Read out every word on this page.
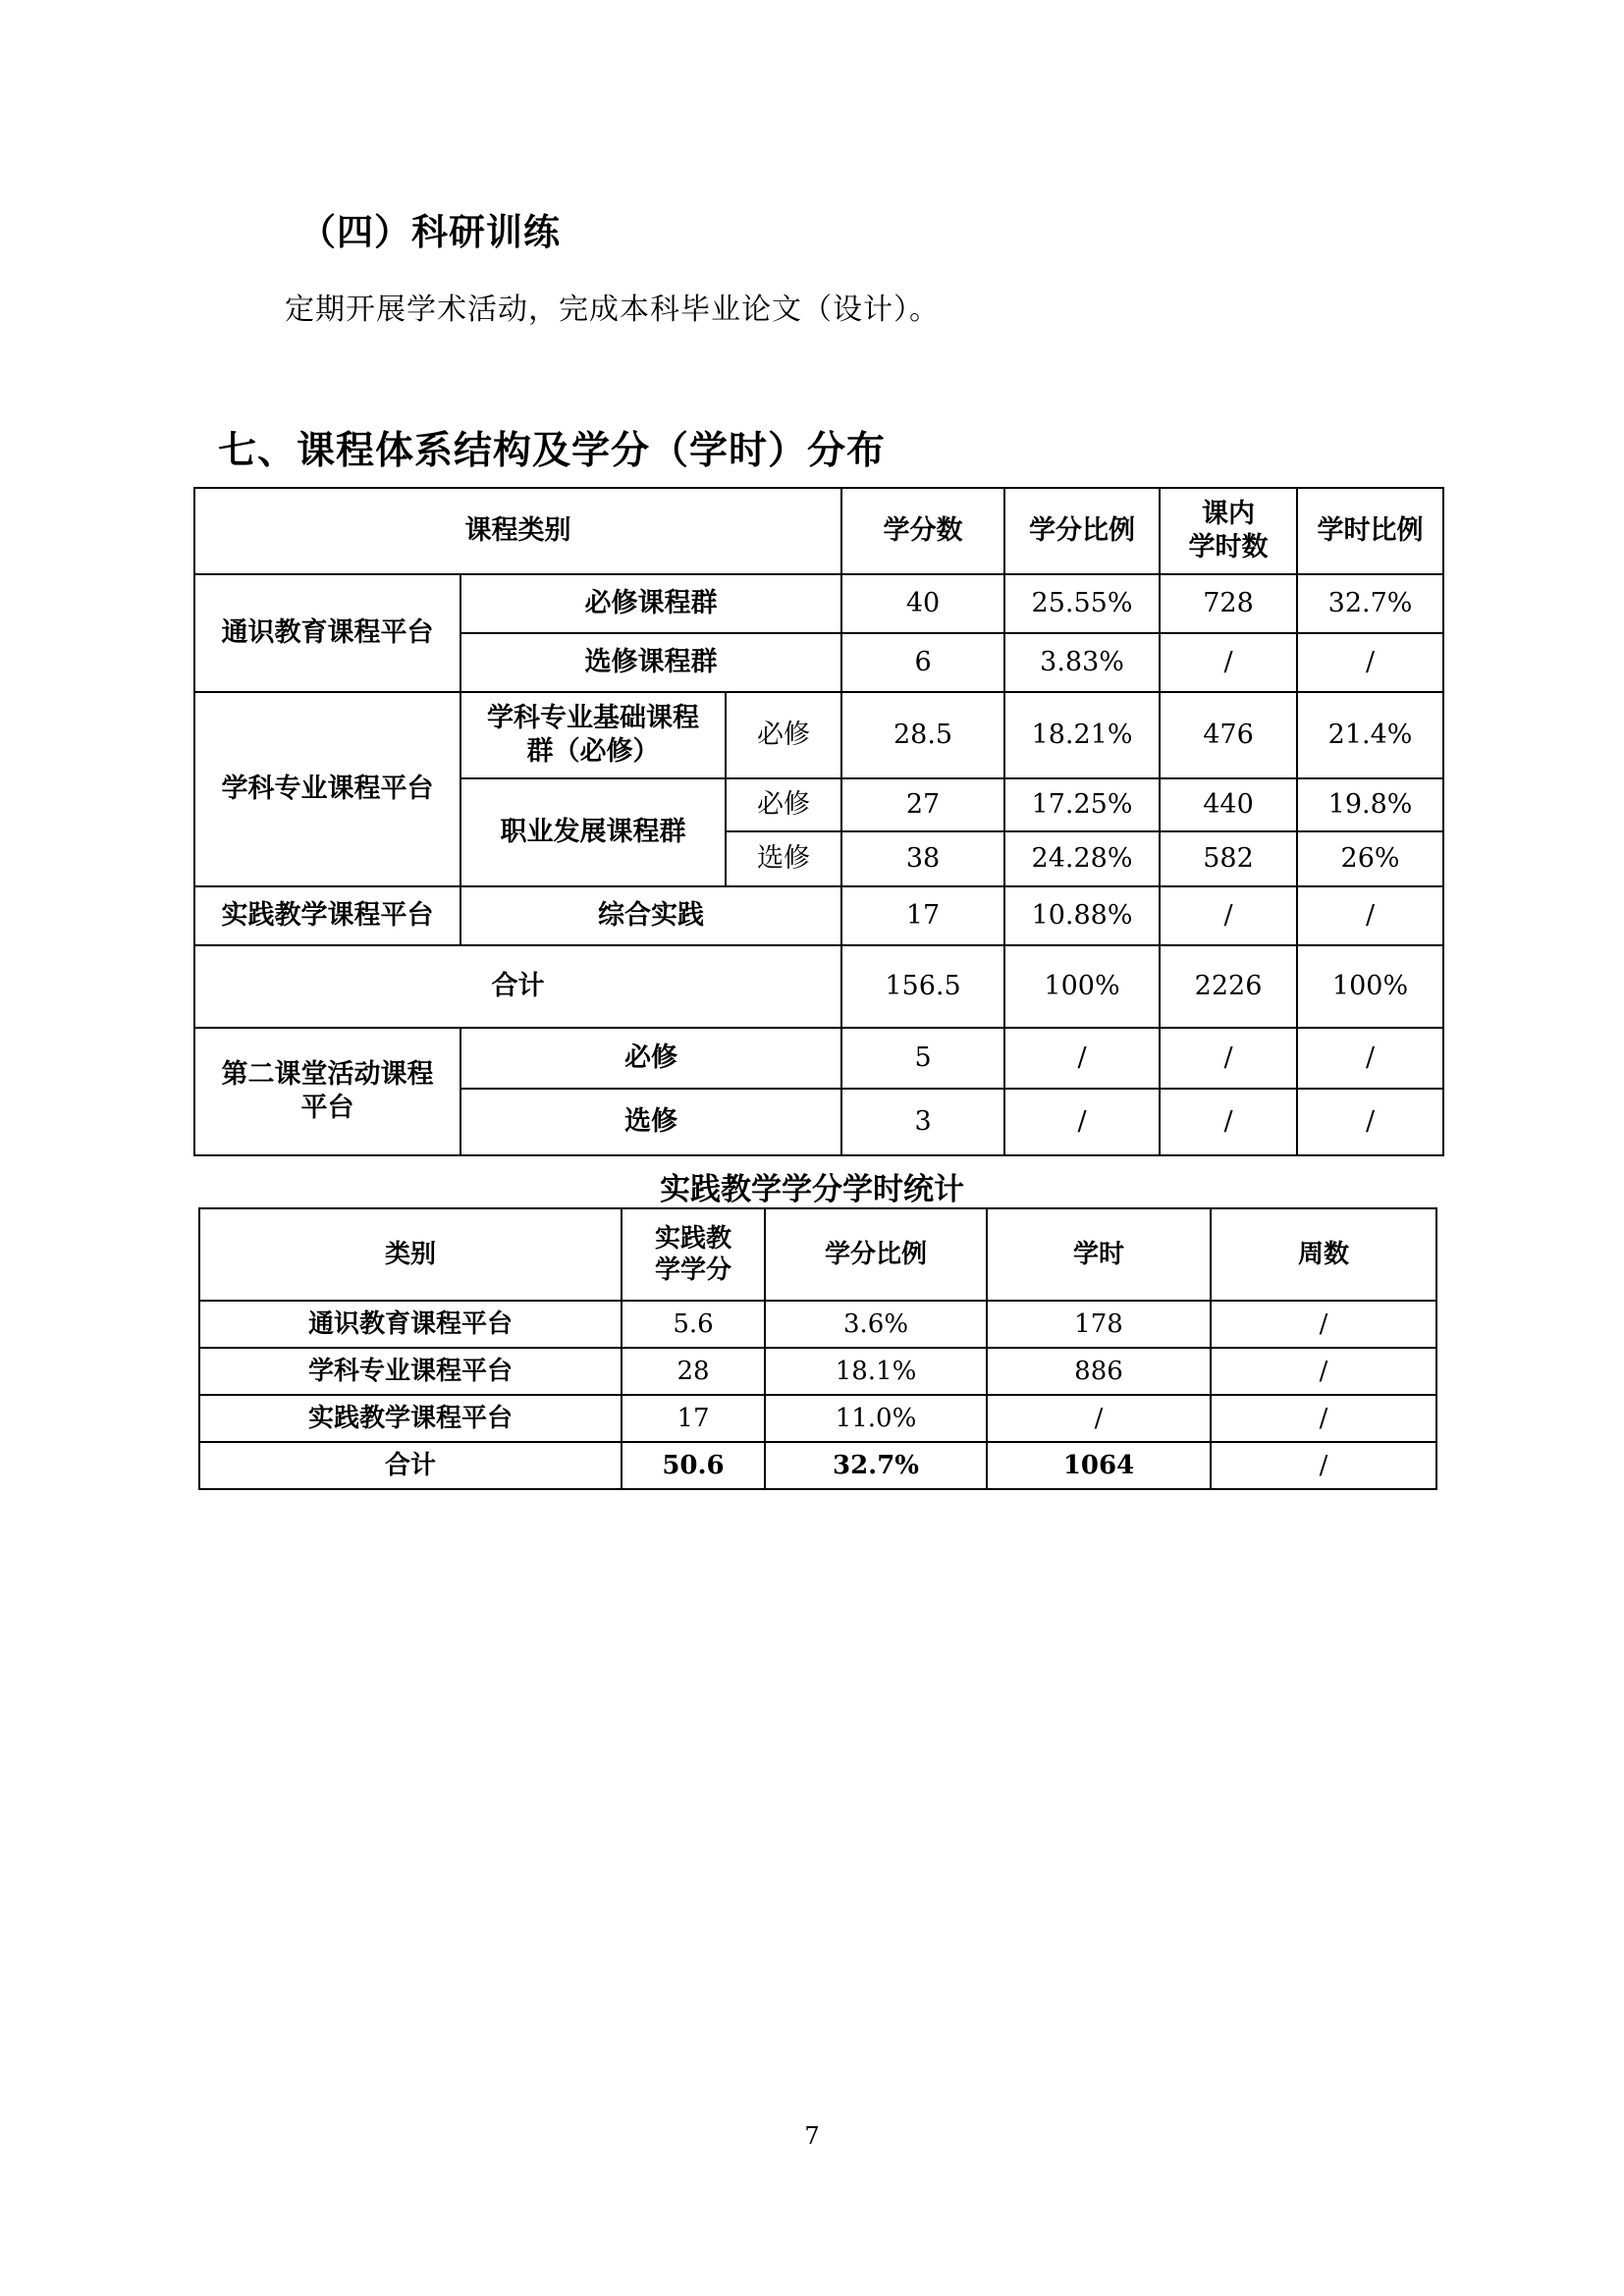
（四）科研训练

定期开展学术活动，完成本科毕业论文（设计）。

七、课程体系结构及学分（学时）分布
课程类别			学分数	学分比例	课内
学时数	学时比例
通识教育课程平台	必修课程群		40	25.55%	728	32.7%
	选修课程群		6	3.83%	/	/
学科专业课程平台	学科专业基础课程
群（必修）	必修	28.5	18.21%	476	21.4%
	职业发展课程群	必修	27	17.25%	440	19.8%
		选修	38	24.28%	582	26%
实践教学课程平台	综合实践		17	10.88%	/	/
合计			156.5	100%	2226	100%
第二课堂活动课程
平台	必修		5	/	/	/
	选修		3	/	/	/

实践教学学分学时统计

类别	实践教
学学分	学分比例	学时	周数
通识教育课程平台	5.6	3.6%	178	/
学科专业课程平台	28	18.1%	886	/
实践教学课程平台	17	11.0%	/	/
合计	50.6	32.7%	1064	/

7
